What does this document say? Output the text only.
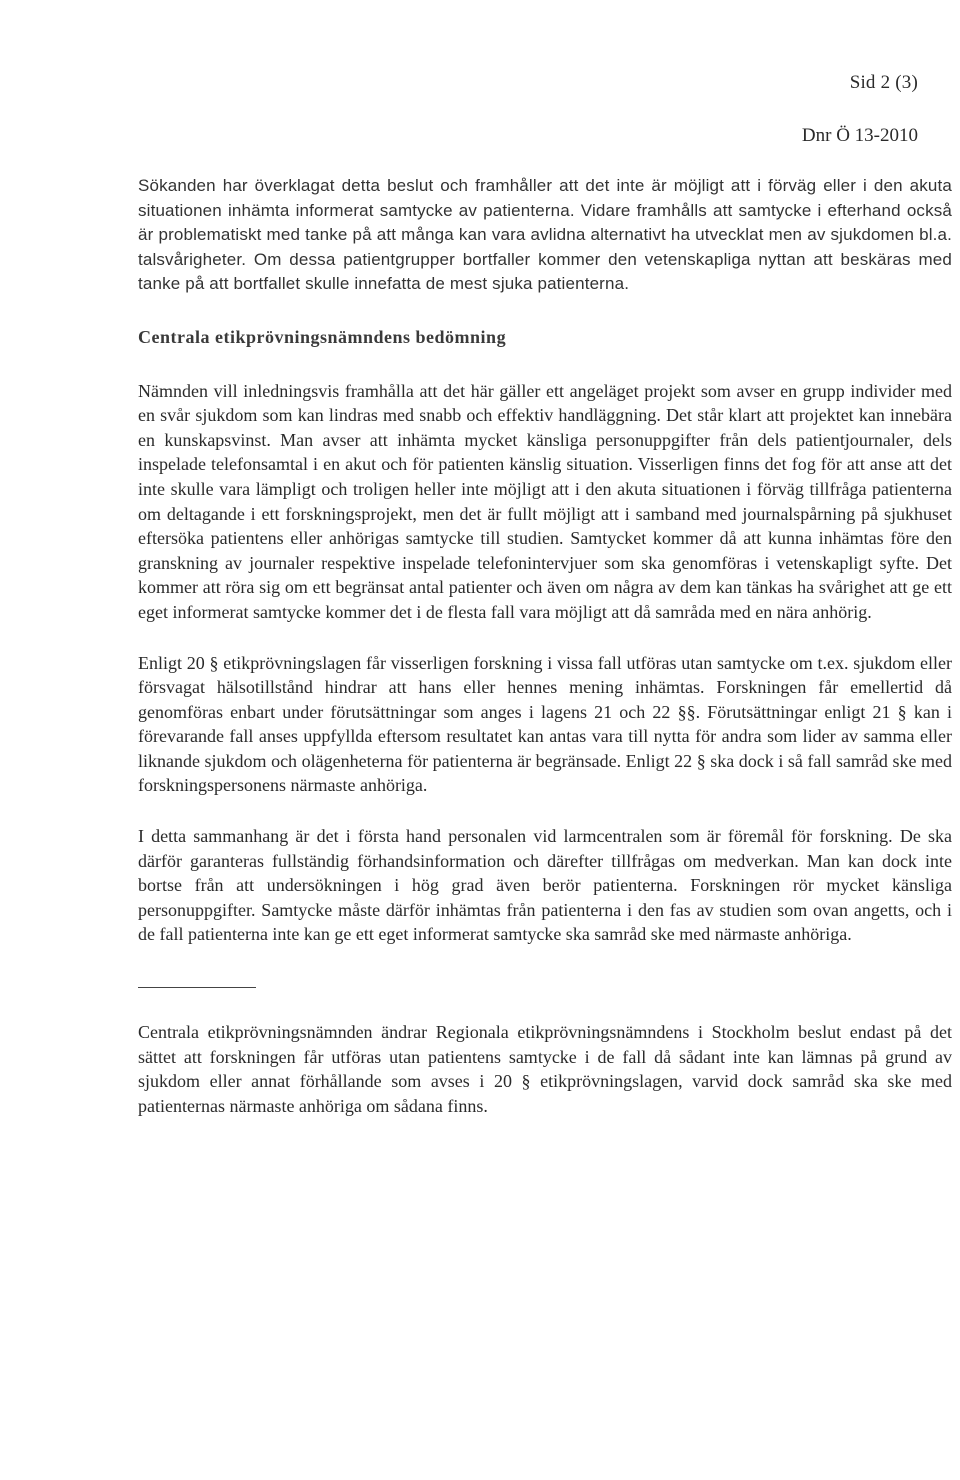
Sid 2 (3)
Dnr Ö 13-2010

Sökanden har överklagat detta beslut och framhåller att det inte är möjligt att i förväg eller i den akuta situationen inhämta informerat samtycke av patienterna. Vidare framhålls att samtycke i efterhand också är problematiskt med tanke på att många kan vara avlidna alternativt ha utvecklat men av sjukdomen bl.a. talsvårigheter. Om dessa patientgrupper bortfaller kommer den vetenskapliga nyttan att beskäras med tanke på att bortfallet skulle innefatta de mest sjuka patienterna.

Centrala etikprövningsnämndens bedömning

Nämnden vill inledningsvis framhålla att det här gäller ett angeläget projekt som avser en grupp individer med en svår sjukdom som kan lindras med snabb och effektiv handläggning. Det står klart att projektet kan innebära en kunskapsvinst. Man avser att inhämta mycket känsliga personuppgifter från dels patientjournaler, dels inspelade telefonsamtal i en akut och för patienten känslig situation. Visserligen finns det fog för att anse att det inte skulle vara lämpligt och troligen heller inte möjligt att i den akuta situationen i förväg tillfråga patienterna om deltagande i ett forskningsprojekt, men det är fullt möjligt att i samband med journalspårning på sjukhuset eftersöka patientens eller anhörigas samtycke till studien. Samtycket kommer då att kunna inhämtas före den granskning av journaler respektive inspelade telefonintervjuer som ska genomföras i vetenskapligt syfte. Det kommer att röra sig om ett begränsat antal patienter och även om några av dem kan tänkas ha svårighet att ge ett eget informerat samtycke kommer det i de flesta fall vara möjligt att då samråda med en nära anhörig.

Enligt 20 § etikprövningslagen får visserligen forskning i vissa fall utföras utan samtycke om t.ex. sjukdom eller försvagat hälsotillstånd hindrar att hans eller hennes mening inhämtas. Forskningen får emellertid då genomföras enbart under förutsättningar som anges i lagens 21 och 22 §§. Förutsättningar enligt 21 § kan i förevarande fall anses uppfyllda eftersom resultatet kan antas vara till nytta för andra som lider av samma eller liknande sjukdom och olägenheterna för patienterna är begränsade. Enligt 22 § ska dock i så fall samråd ske med forskningspersonens närmaste anhöriga.

I detta sammanhang är det i första hand personalen vid larmcentralen som är föremål för forskning. De ska därför garanteras fullständig förhandsinformation och därefter tillfrågas om medverkan. Man kan dock inte bortse från att undersökningen i hög grad även berör patienterna. Forskningen rör mycket känsliga personuppgifter. Samtycke måste därför inhämtas från patienterna i den fas av studien som ovan angetts, och i de fall patienterna inte kan ge ett eget informerat samtycke ska samråd ske med närmaste anhöriga.

Centrala etikprövningsnämnden ändrar Regionala etikprövningsnämndens i Stockholm beslut endast på det sättet att forskningen får utföras utan patientens samtycke i de fall då sådant inte kan lämnas på grund av sjukdom eller annat förhållande som avses i 20 § etikprövningslagen, varvid dock samråd ska ske med patienternas närmaste anhöriga om sådana finns.
